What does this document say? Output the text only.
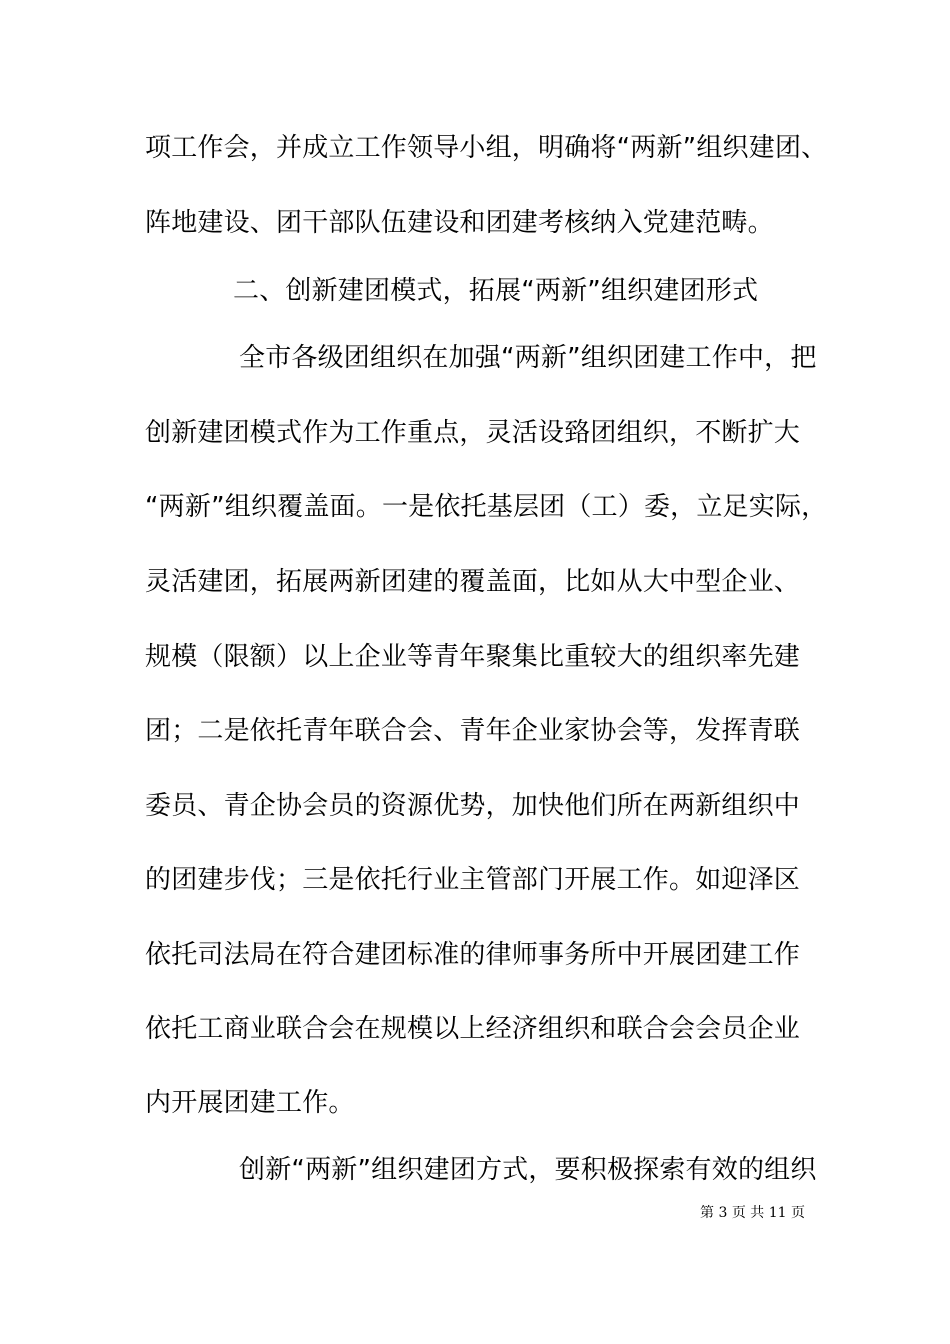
项工作会，并成立工作领导小组，明确将“两新”组织建团、
阵地建设、团干部队伍建设和团建考核纳入党建范畴。
二、创新建团模式，拓展“两新”组织建团形式
全市各级团组织在加强“两新”组织团建工作中，把
创新建团模式作为工作重点，灵活设臵团组织，不断扩大
“两新”组织覆盖面。一是依托基层团（工）委，立足实际，
灵活建团，拓展两新团建的覆盖面，比如从大中型企业、
规模（限额）以上企业等青年聚集比重较大的组织率先建
团；二是依托青年联合会、青年企业家协会等，发挥青联
委员、青企协会员的资源优势，加快他们所在两新组织中
的团建步伐；三是依托行业主管部门开展工作。如迎泽区
依托司法局在符合建团标准的律师事务所中开展团建工作
依托工商业联合会在规模以上经济组织和联合会会员企业
内开展团建工作。
创新“两新”组织建团方式，要积极探索有效的组织
第 3 页 共 11 页
